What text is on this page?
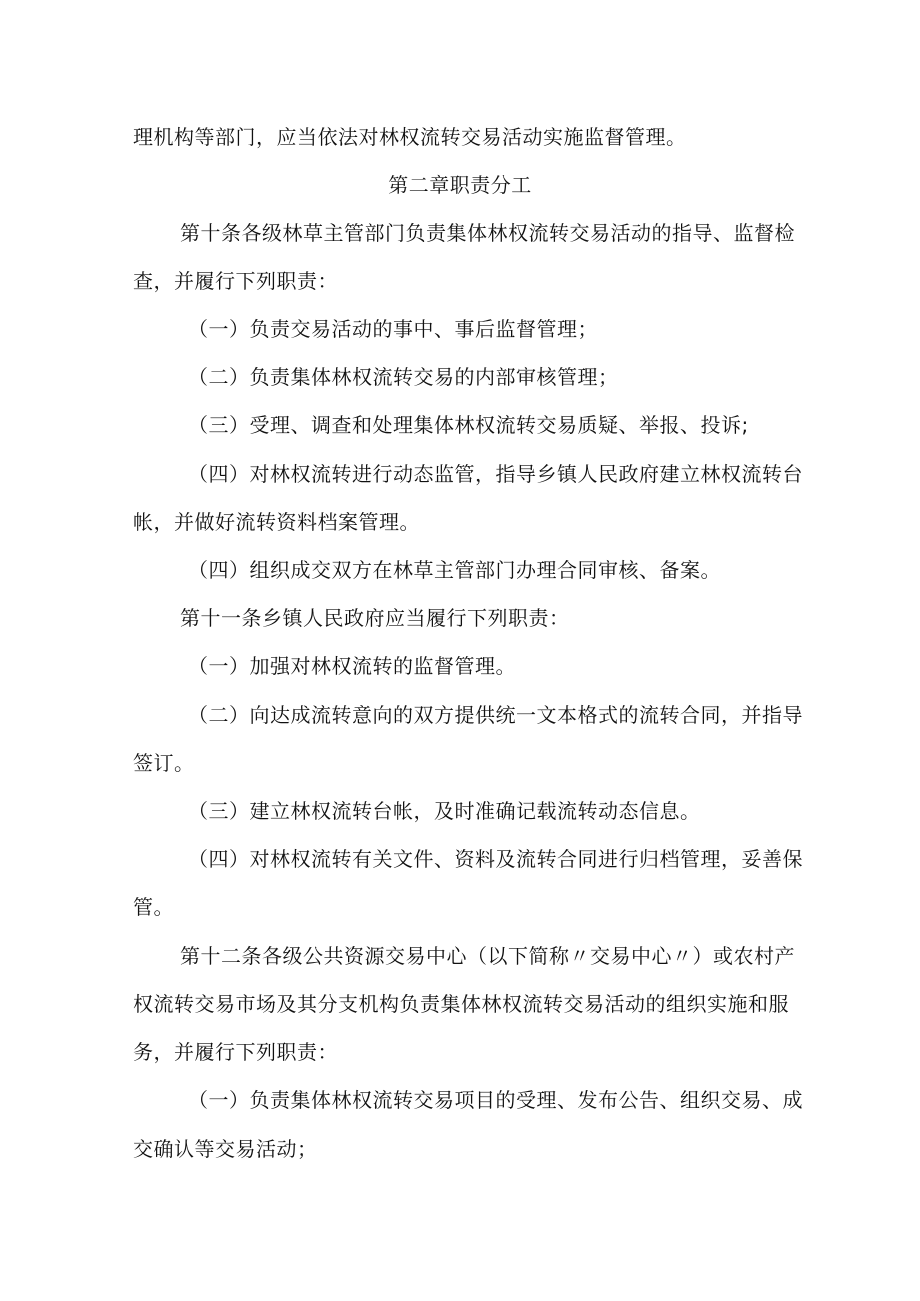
理机构等部门，应当依法对林权流转交易活动实施监督管理。
第二章职责分工
第十条各级林草主管部门负责集体林权流转交易活动的指导、监督检
查，并履行下列职责：
（一）负责交易活动的事中、事后监督管理；
（二）负责集体林权流转交易的内部审核管理；
（三）受理、调查和处理集体林权流转交易质疑、举报、投诉;
（四）对林权流转进行动态监管，指导乡镇人民政府建立林权流转台
帐，并做好流转资料档案管理。
（四）组织成交双方在林草主管部门办理合同审核、备案。
第十一条乡镇人民政府应当履行下列职责：
（一）加强对林权流转的监督管理。
（二）向达成流转意向的双方提供统一文本格式的流转合同，并指导
签订。
（三）建立林权流转台帐，及时准确记载流转动态信息。
（四）对林权流转有关文件、资料及流转合同进行归档管理，妥善保
管。
第十二条各级公共资源交易中心（以下简称〃交易中心〃）或农村产
权流转交易市场及其分支机构负责集体林权流转交易活动的组织实施和服
务，并履行下列职责：
（一）负责集体林权流转交易项目的受理、发布公告、组织交易、成
交确认等交易活动；
